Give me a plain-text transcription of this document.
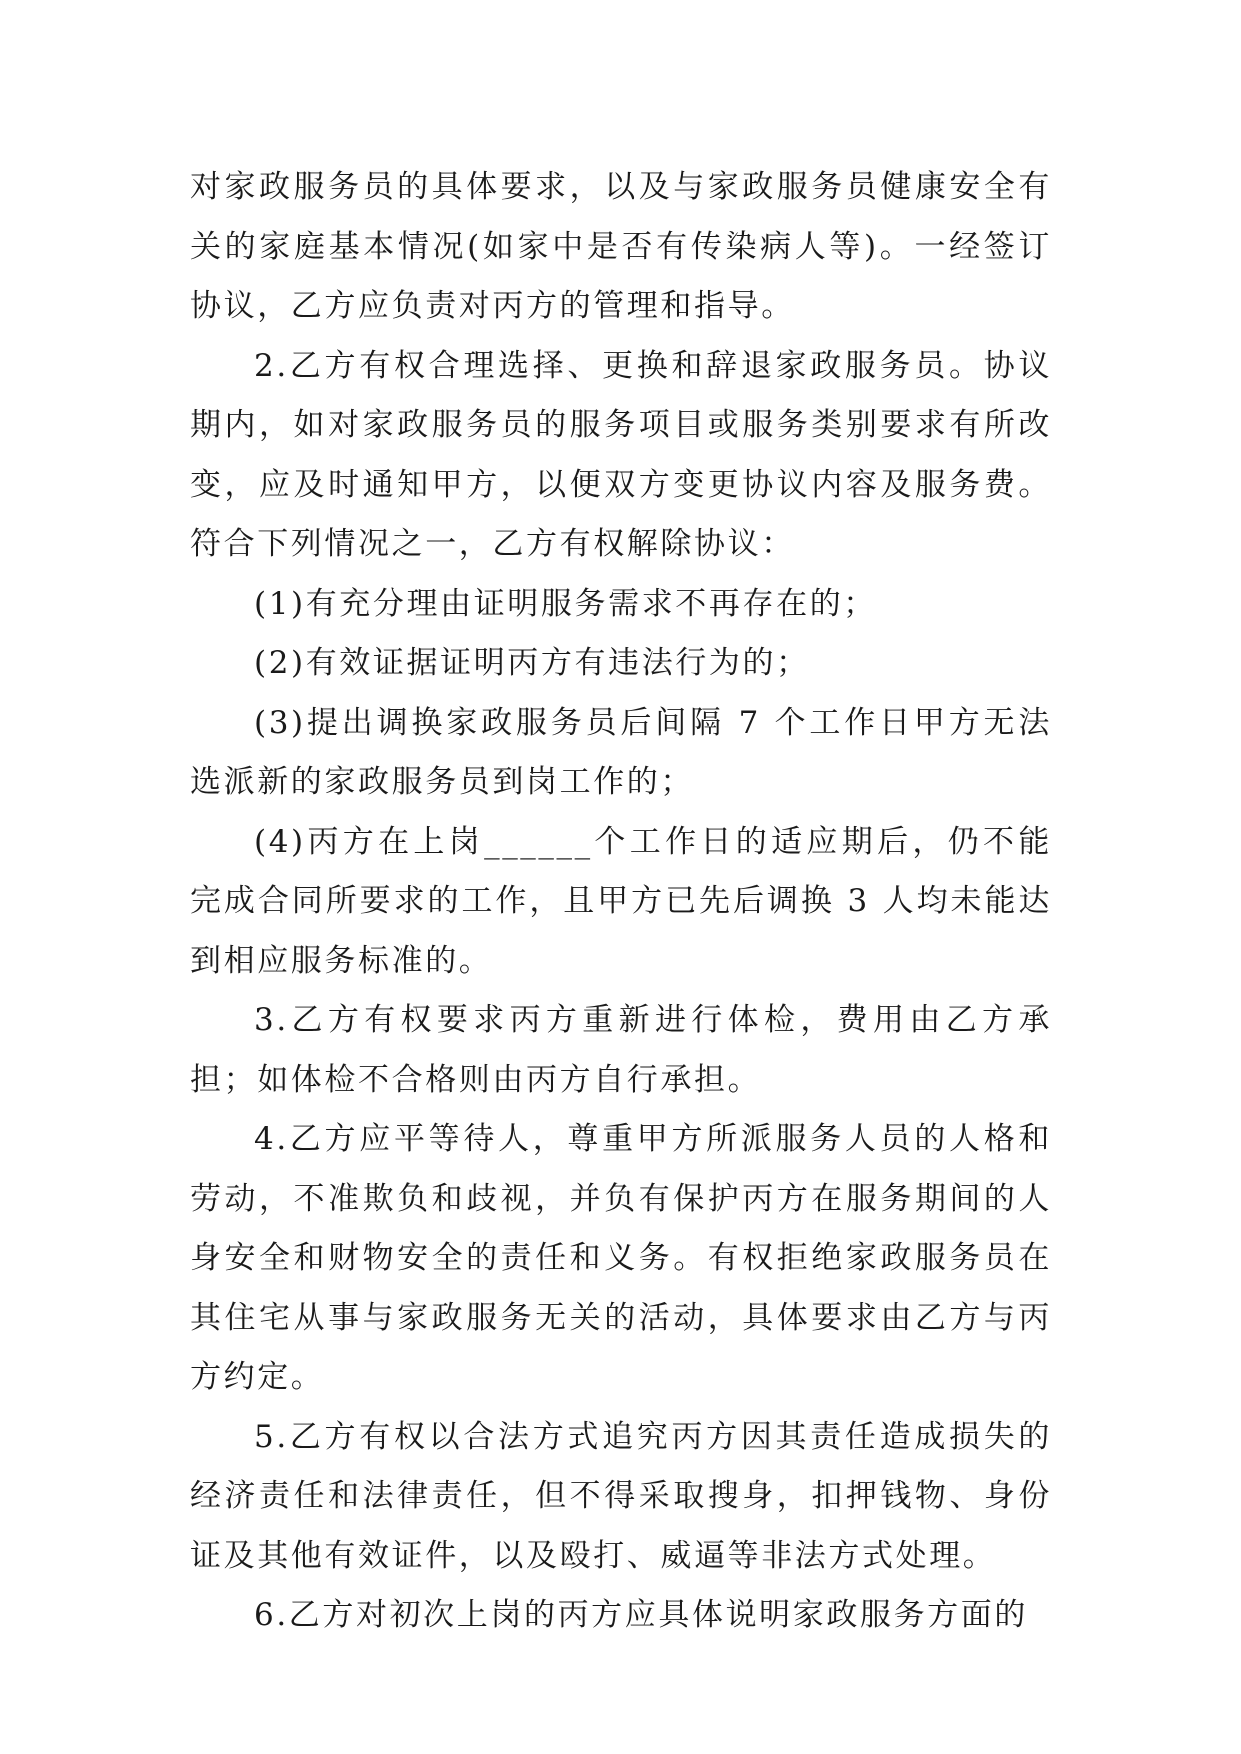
对家政服务员的具体要求，以及与家政服务员健康安全有关的家庭基本情况(如家中是否有传染病人等)。一经签订协议，乙方应负责对丙方的管理和指导。

2.乙方有权合理选择、更换和辞退家政服务员。协议期内，如对家政服务员的服务项目或服务类别要求有所改变，应及时通知甲方，以便双方变更协议内容及服务费。符合下列情况之一，乙方有权解除协议：

(1)有充分理由证明服务需求不再存在的；

(2)有效证据证明丙方有违法行为的；

(3)提出调换家政服务员后间隔 7 个工作日甲方无法选派新的家政服务员到岗工作的；

(4)丙方在上岗______个工作日的适应期后，仍不能完成合同所要求的工作，且甲方已先后调换 3 人均未能达到相应服务标准的。

3.乙方有权要求丙方重新进行体检，费用由乙方承担；如体检不合格则由丙方自行承担。

4.乙方应平等待人，尊重甲方所派服务人员的人格和劳动，不准欺负和歧视，并负有保护丙方在服务期间的人身安全和财物安全的责任和义务。有权拒绝家政服务员在其住宅从事与家政服务无关的活动，具体要求由乙方与丙方约定。

5.乙方有权以合法方式追究丙方因其责任造成损失的经济责任和法律责任，但不得采取搜身，扣押钱物、身份证及其他有效证件，以及殴打、威逼等非法方式处理。

6.乙方对初次上岗的丙方应具体说明家政服务方面的
